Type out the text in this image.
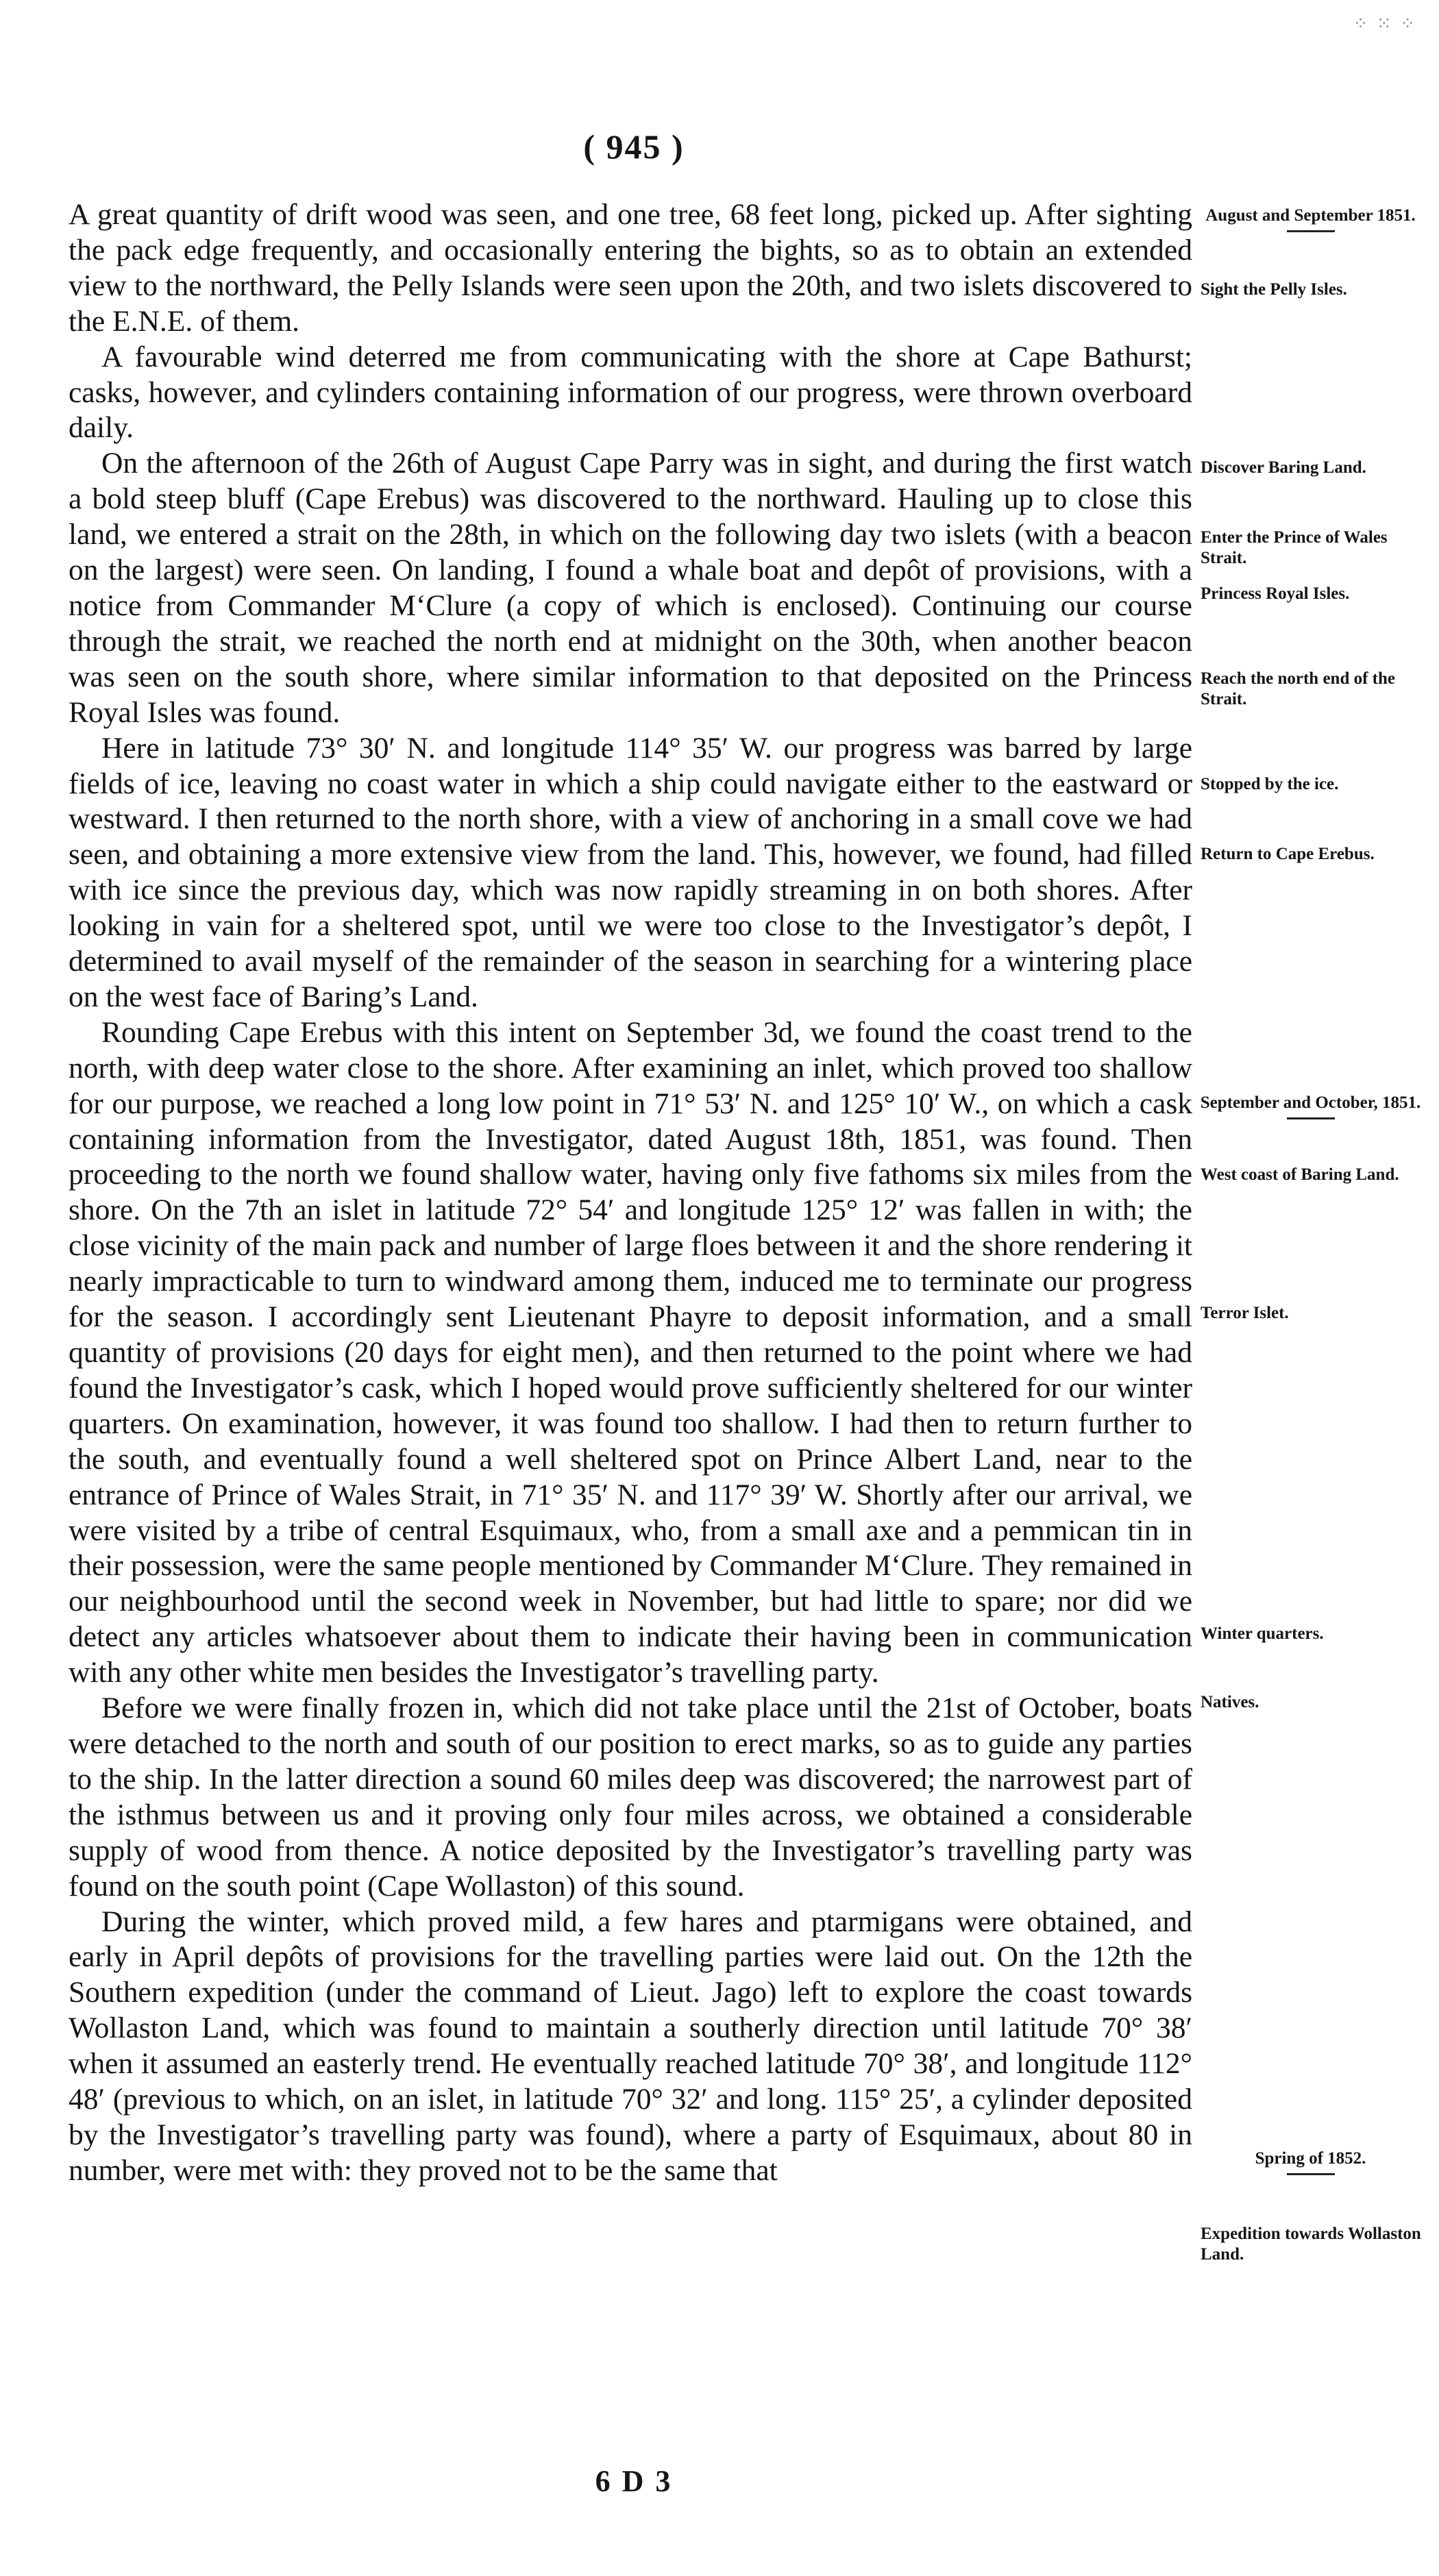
⁘ ⁙ ⁘
( 945 )

A great quantity of drift wood was seen, and one tree, 68 feet long, picked up. After sighting the pack edge frequently, and occasionally entering the bights, so as to obtain an extended view to the northward, the Pelly Islands were seen upon the 20th, and two islets discovered to the E.N.E. of them.

A favourable wind deterred me from communicating with the shore at Cape Bathurst; casks, however, and cylinders containing information of our progress, were thrown overboard daily.

On the afternoon of the 26th of August Cape Parry was in sight, and during the first watch a bold steep bluff (Cape Erebus) was discovered to the northward. Hauling up to close this land, we entered a strait on the 28th, in which on the following day two islets (with a beacon on the largest) were seen. On landing, I found a whale boat and depôt of provisions, with a notice from Commander M‘Clure (a copy of which is enclosed). Continuing our course through the strait, we reached the north end at midnight on the 30th, when another beacon was seen on the south shore, where similar information to that deposited on the Princess Royal Isles was found.

Here in latitude 73° 30′ N. and longitude 114° 35′ W. our progress was barred by large fields of ice, leaving no coast water in which a ship could navigate either to the eastward or westward. I then returned to the north shore, with a view of anchoring in a small cove we had seen, and obtaining a more extensive view from the land. This, however, we found, had filled with ice since the previous day, which was now rapidly streaming in on both shores. After looking in vain for a sheltered spot, until we were too close to the Investigator’s depôt, I determined to avail myself of the remainder of the season in searching for a wintering place on the west face of Baring’s Land.

Rounding Cape Erebus with this intent on September 3d, we found the coast trend to the north, with deep water close to the shore. After examining an inlet, which proved too shallow for our purpose, we reached a long low point in 71° 53′ N. and 125° 10′ W., on which a cask containing information from the Investigator, dated August 18th, 1851, was found. Then proceeding to the north we found shallow water, having only five fathoms six miles from the shore. On the 7th an islet in latitude 72° 54′ and longitude 125° 12′ was fallen in with; the close vicinity of the main pack and number of large floes between it and the shore rendering it nearly impracticable to turn to windward among them, induced me to terminate our progress for the season. I accordingly sent Lieutenant Phayre to deposit information, and a small quantity of provisions (20 days for eight men), and then returned to the point where we had found the Investigator’s cask, which I hoped would prove sufficiently sheltered for our winter quarters. On examination, however, it was found too shallow. I had then to return further to the south, and eventually found a well sheltered spot on Prince Albert Land, near to the entrance of Prince of Wales Strait, in 71° 35′ N. and 117° 39′ W. Shortly after our arrival, we were visited by a tribe of central Esquimaux, who, from a small axe and a pemmican tin in their possession, were the same people mentioned by Commander M‘Clure. They remained in our neighbourhood until the second week in November, but had little to spare; nor did we detect any articles whatsoever about them to indicate their having been in communication with any other white men besides the Investigator’s travelling party.

Before we were finally frozen in, which did not take place until the 21st of October, boats were detached to the north and south of our position to erect marks, so as to guide any parties to the ship. In the latter direction a sound 60 miles deep was discovered; the narrowest part of the isthmus between us and it proving only four miles across, we obtained a considerable supply of wood from thence. A notice deposited by the Investigator’s travelling party was found on the south point (Cape Wollaston) of this sound.

During the winter, which proved mild, a few hares and ptarmigans were obtained, and early in April depôts of provisions for the travelling parties were laid out. On the 12th the Southern expedition (under the command of Lieut. Jago) left to explore the coast towards Wollaston Land, which was found to maintain a southerly direction until latitude 70° 38′ when it assumed an easterly trend. He eventually reached latitude 70° 38′, and longitude 112° 48′ (previous to which, on an islet, in latitude 70° 32′ and long. 115° 25′, a cylinder deposited by the Investigator’s travelling party was found), where a party of Esquimaux, about 80 in number, were met with: they proved not to be the same that

August and September 1851.
Sight the Pelly Isles.
Discover Baring Land.
Enter the Prince of Wales Strait.
Princess Royal Isles.
Reach the north end of the Strait.
Stopped by the ice.
Return to Cape Erebus.
September and October, 1851.
West coast of Baring Land.
Terror Islet.
Winter quarters.
Natives.
Spring of 1852.
Expedition towards Wollaston Land.
6 D 3
